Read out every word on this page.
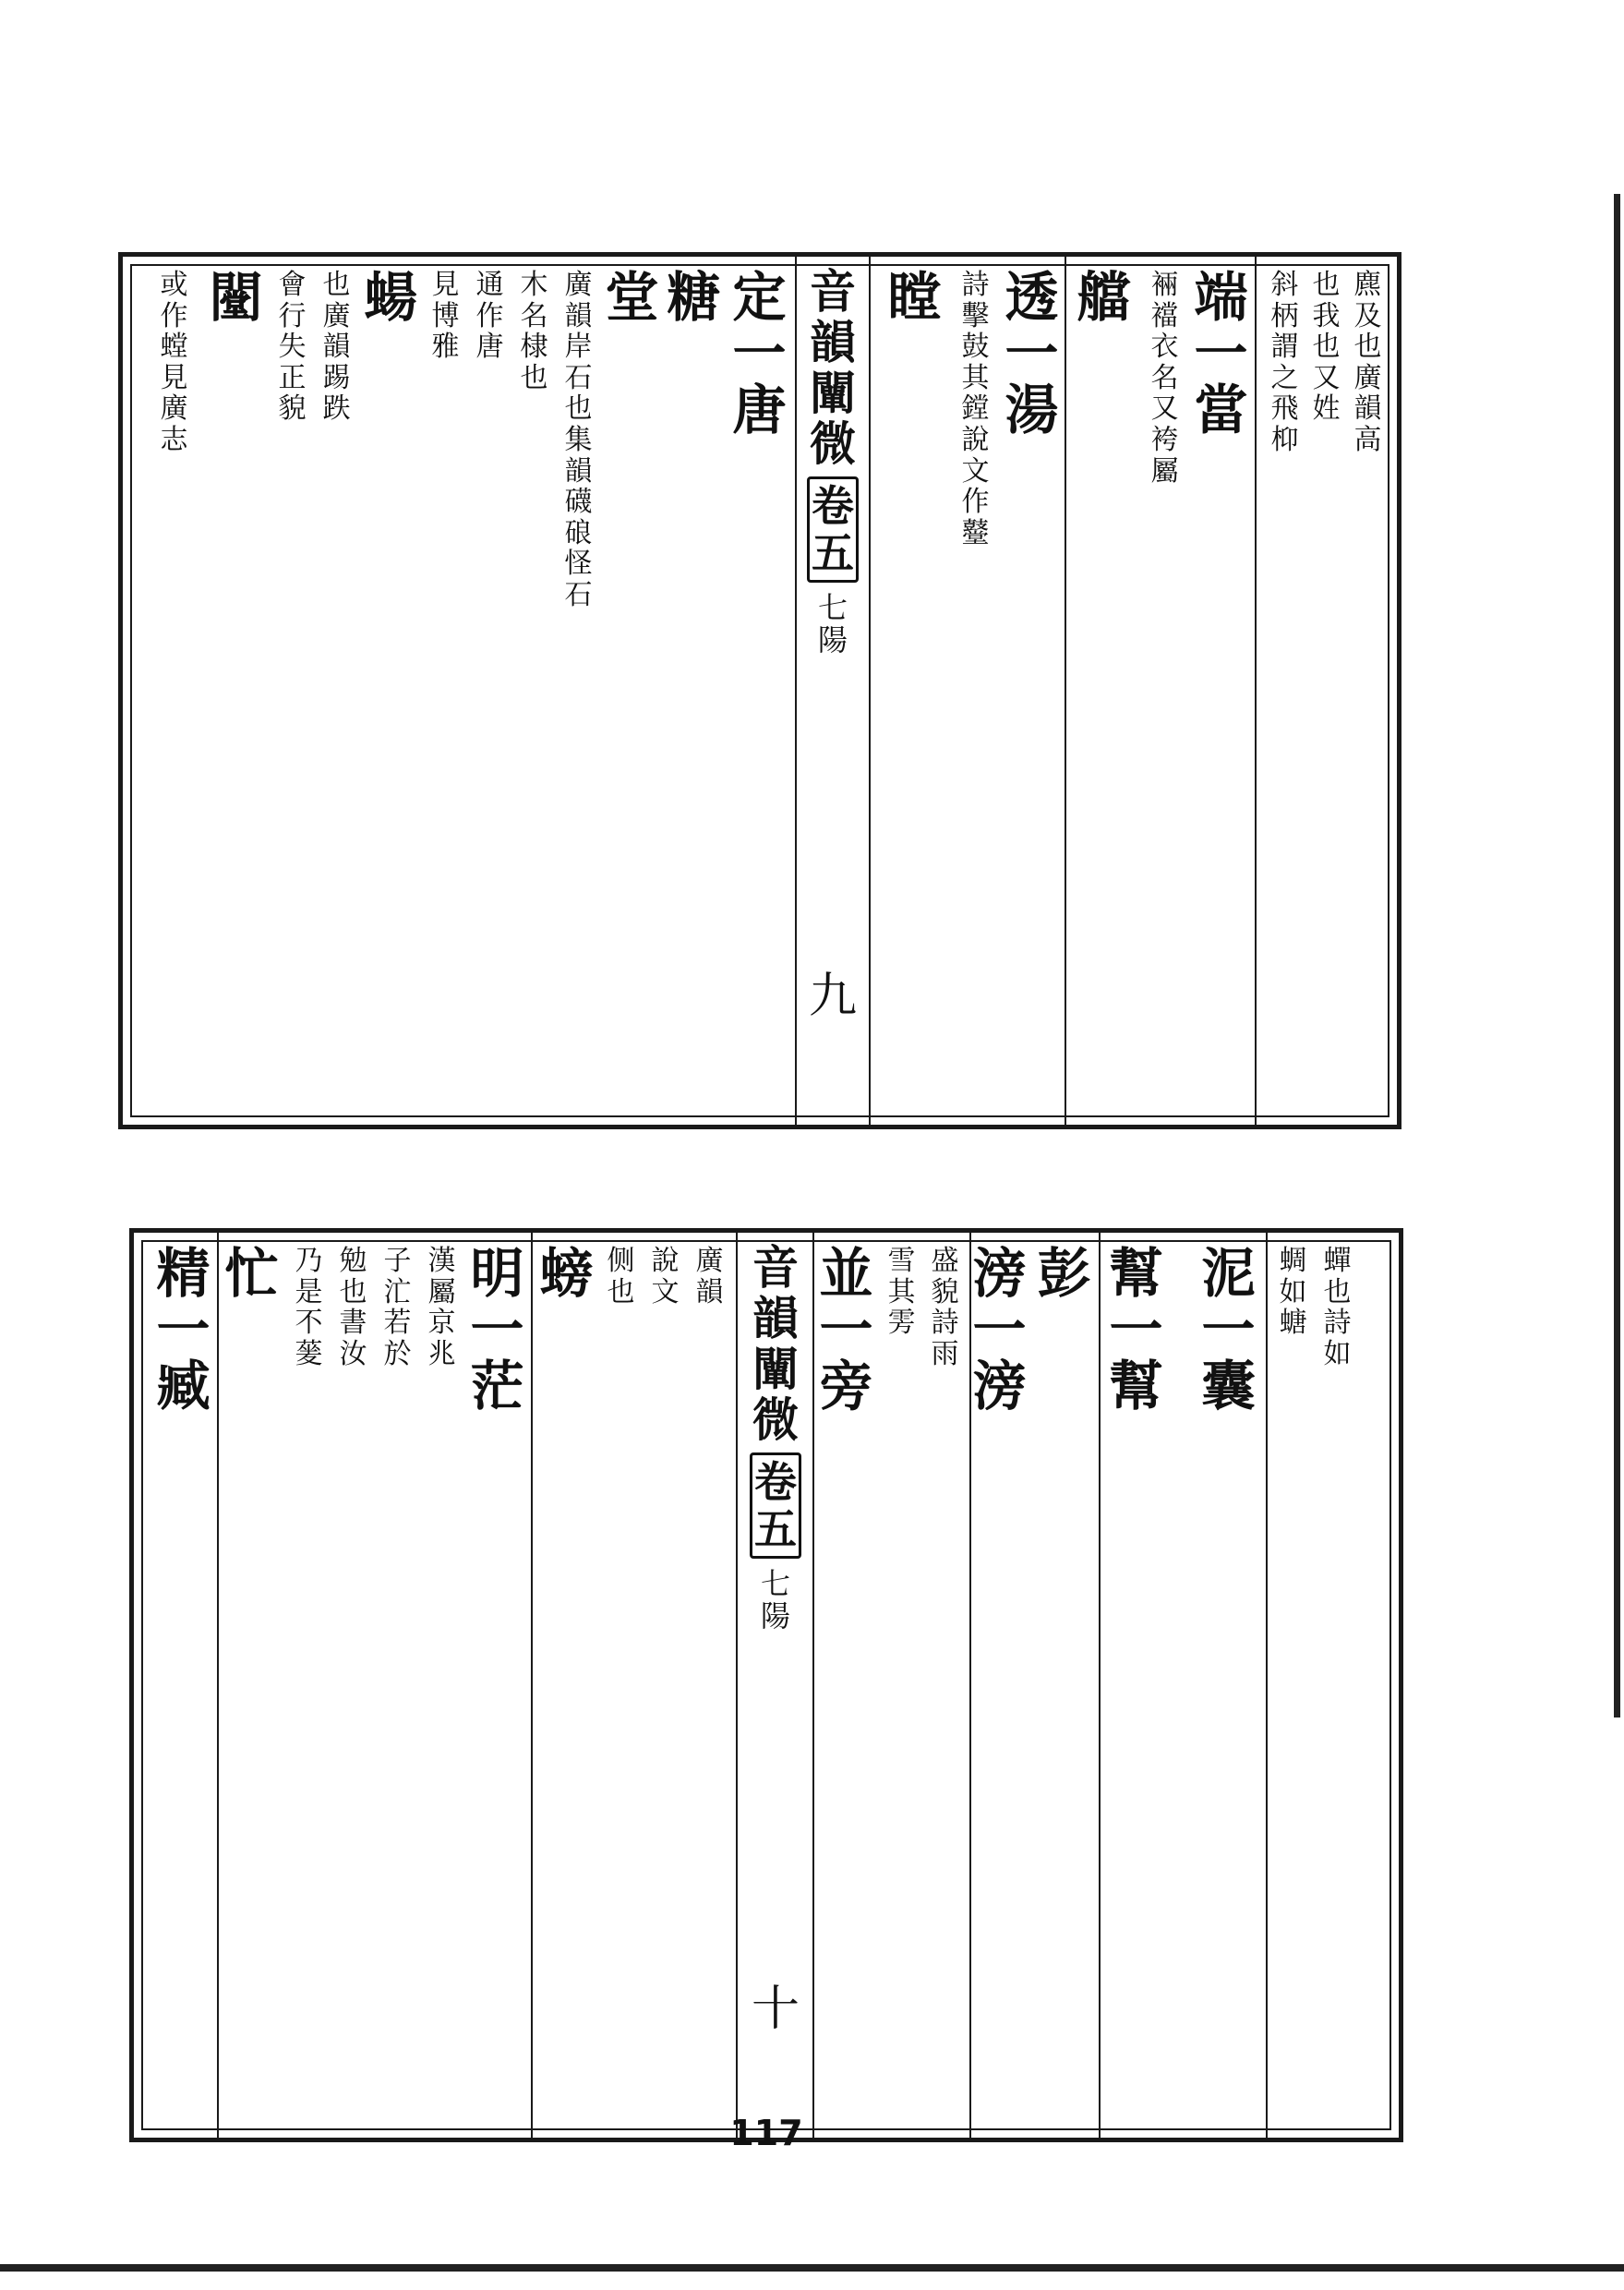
麃
及
也
廣
韻
高
也
我
也
又
姓
斜
柄
謂
之
飛
枊
端
一
當
裲
襠
衣
名
又
袴
屬
艡
透
一
湯
詩
擊
鼓
其
鏜
說
文
作
鼞
瞠
音
韻
闡
微
卷
五
七
陽
九
定
一
唐
糖
堂
廣
韻
岸
石
也
集
韻
礣
硠
怪
石
木
名
棣
也
通
作
唐
見
博
雅
蝪
也
廣
韻
踢
跌
會
行
失
正
貌
闛
或
作
螳
見
廣
志
蟬
也
詩
如
蜩
如
螗
泥
一
囊
幫
一
幫
彭
滂
一
滂
盛
貌
詩
雨
雪
其
雱
並
一
旁
音
韻
闡
微
卷
五
七
陽
十
廣
韻
說
文
侧
也
螃
明
一
茫
漢
屬
京
兆
子
汒
若
於
勉
也
書
汝
乃
是
不
蓌
忙
精
一
臧
117
